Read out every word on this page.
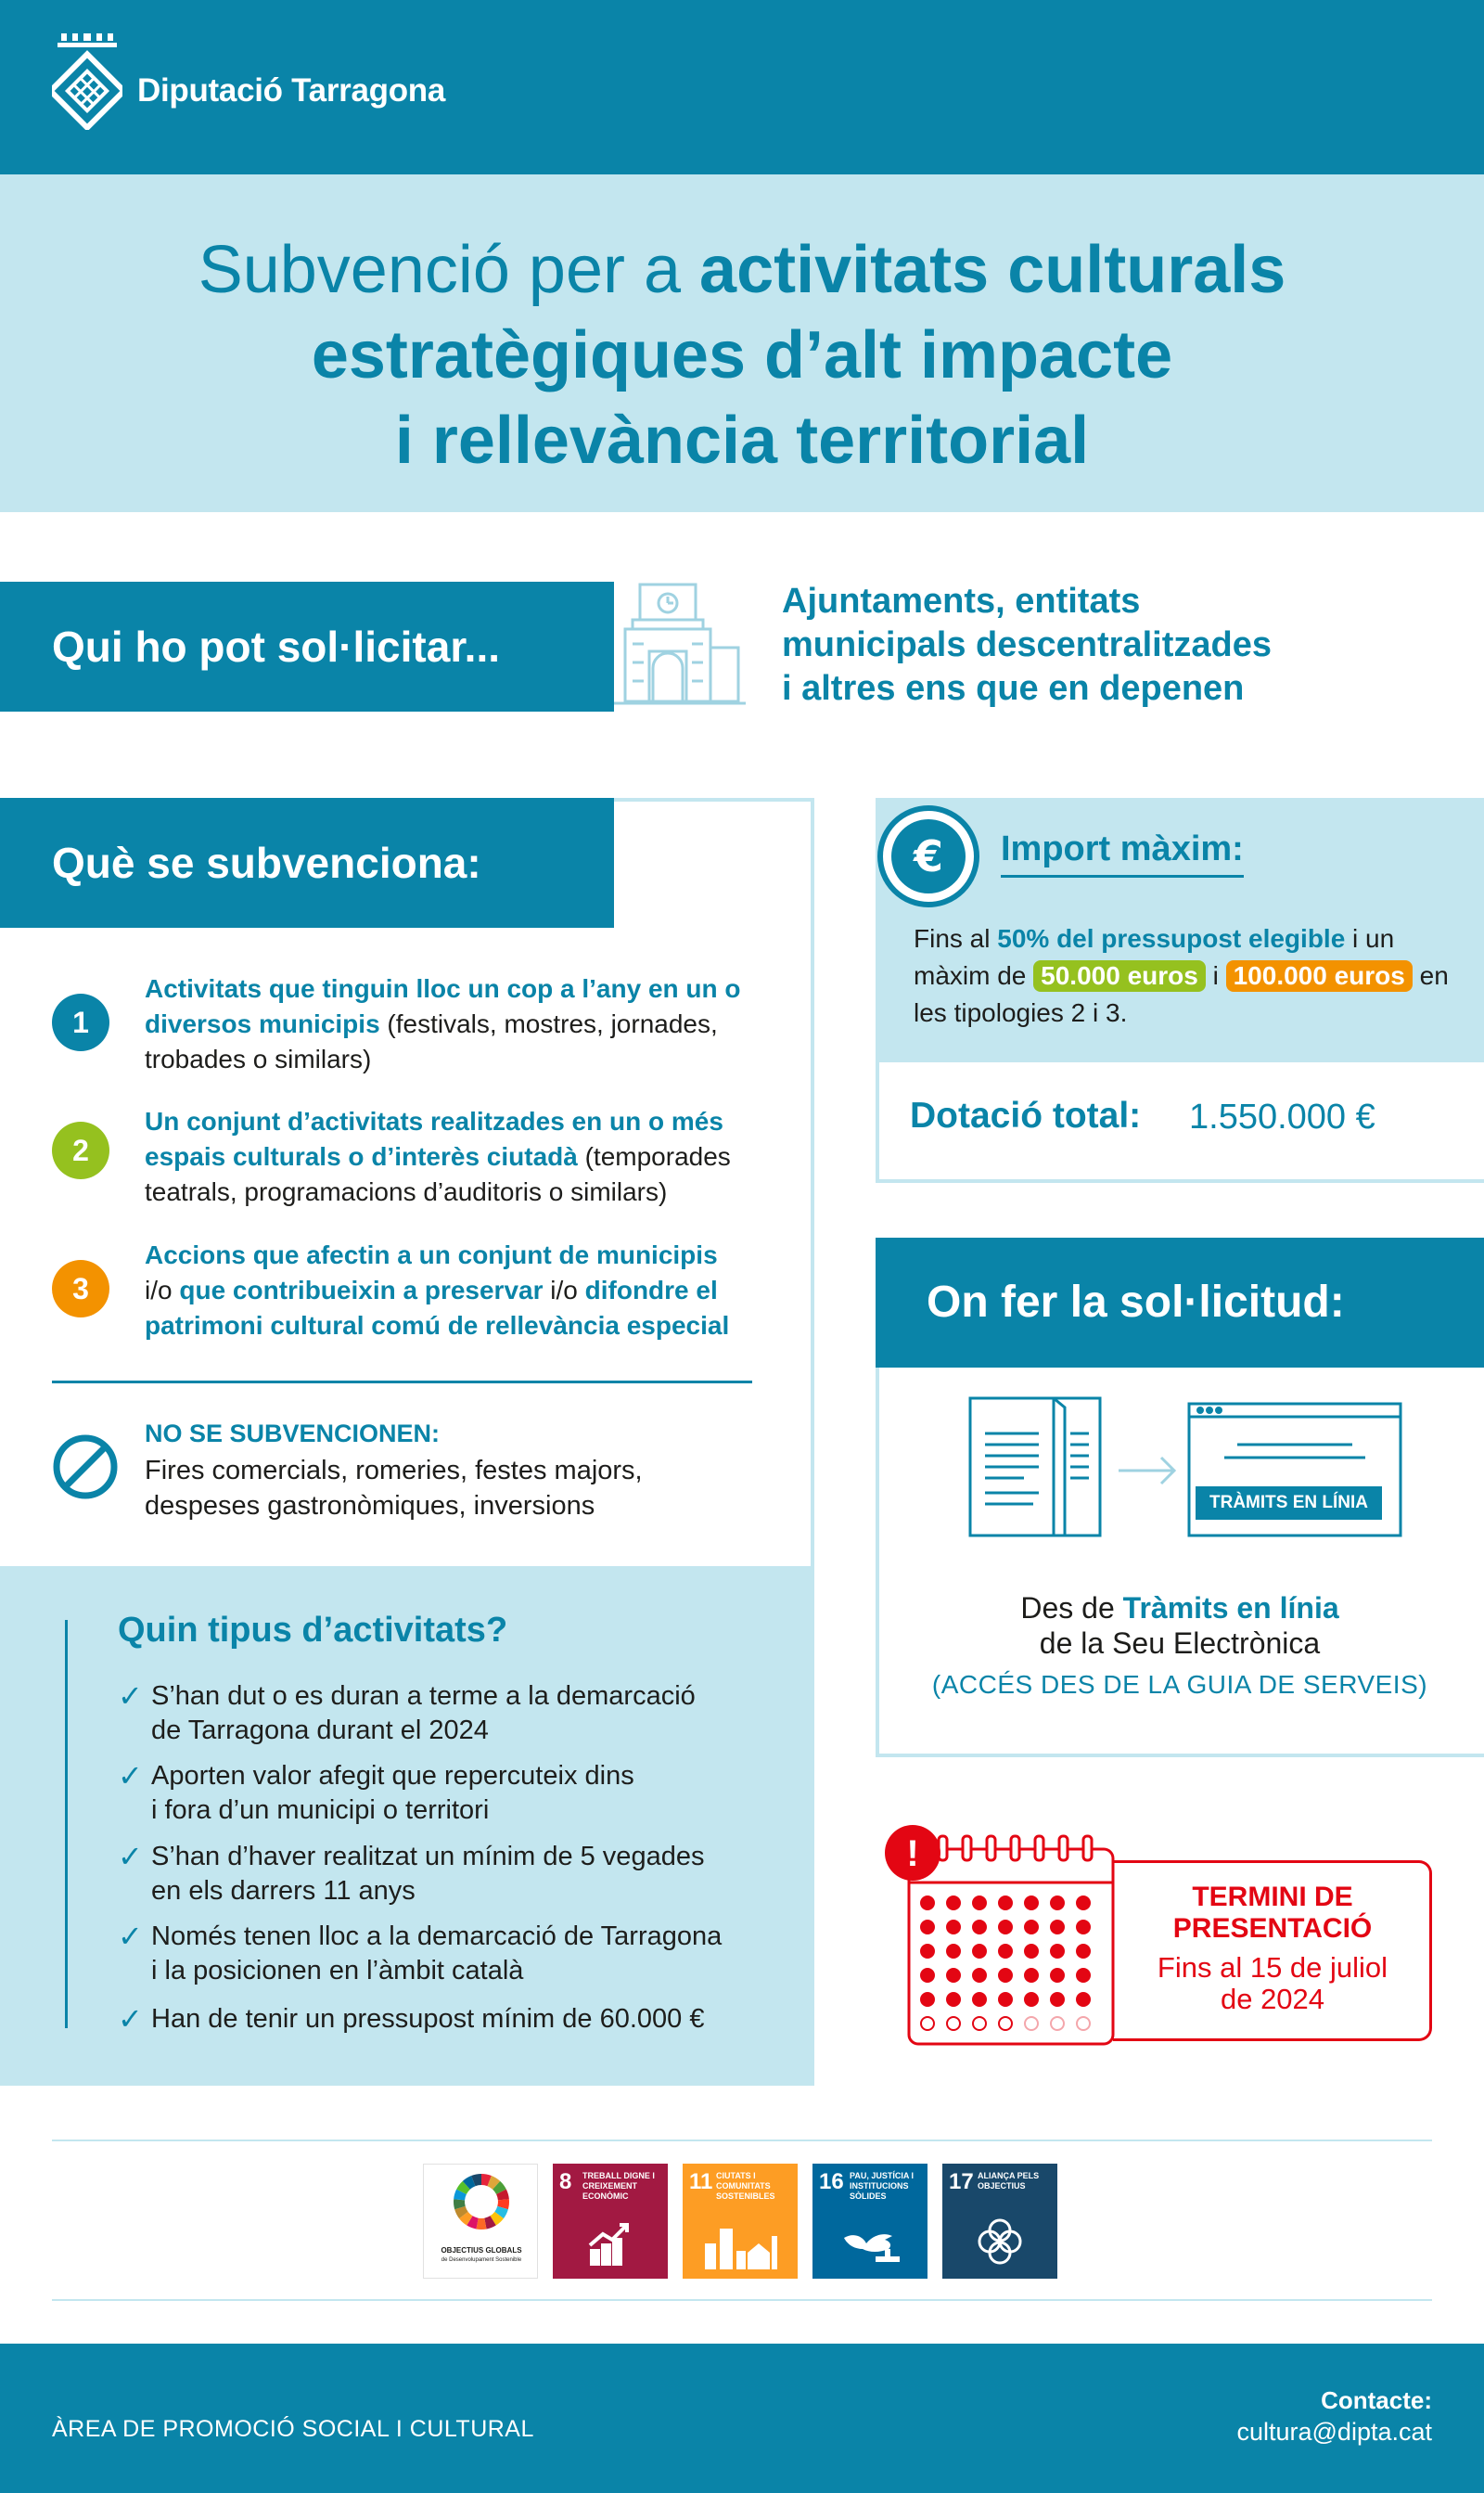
Diputació Tarragona
Subvenció per a activitats culturals
estratègiques d’alt impacte
i rellevància territorial
Qui ho pot sol·licitar...
Ajuntaments, entitats
municipals descentralitzades
i altres ens que en depenen
Què se subvenciona:
1
Activitats que tinguin lloc un cop a l’any en un o diversos municipis (festivals, mostres, jornades, trobades o similars)
2
Un conjunt d’activitats realitzades en un o més espais culturals o d’interès ciutadà (temporades teatrals, programacions d’auditoris o similars)
3
Accions que afectin a un conjunt de municipis i/o que contribueixin a preservar i/o difondre el patrimoni cultural comú de rellevància especial
NO SE SUBVENCIONEN:
Fires comercials, romeries, festes majors, despeses gastronòmiques, inversions
Quin tipus d’activitats?
✓ S’han dut o es duran a terme a la demarcació
de Tarragona durant el 2024
✓ Aporten valor afegit que repercuteix dins
i fora d’un municipi o territori
✓ S’han d’haver realitzat un mínim de 5 vegades
en els darrers 11 anys
✓ Només tenen lloc a la demarcació de Tarragona
i la posicionen en l’àmbit català
✓ Han de tenir un pressupost mínim de 60.000 €
€ Import màxim:
Fins al 50% del pressupost elegible i un màxim de 50.000 euros i 100.000 euros en les tipologies 2 i 3.
Dotació total: 1.550.000 €
On fer la sol·licitud:
TRÀMITS EN LÍNIA
Des de Tràmits en línia
de la Seu Electrònica
(ACCÉS DES DE LA GUIA DE SERVEIS)
!
TERMINI DE
PRESENTACIÓ
Fins al 15 de juliol
de 2024
OBJECTIUS GLOBALS
de Desenvolupament Sostenible
8 TREBALL DIGNE I CREIXEMENT ECONÒMIC
11 CIUTATS I COMUNITATS SOSTENIBLES
16 PAU, JUSTÍCIA I INSTITUCIONS SÒLIDES
17 ALIANÇA PELS OBJECTIUS
ÀREA DE PROMOCIÓ SOCIAL I CULTURAL
Contacte:
cultura@dipta.cat
